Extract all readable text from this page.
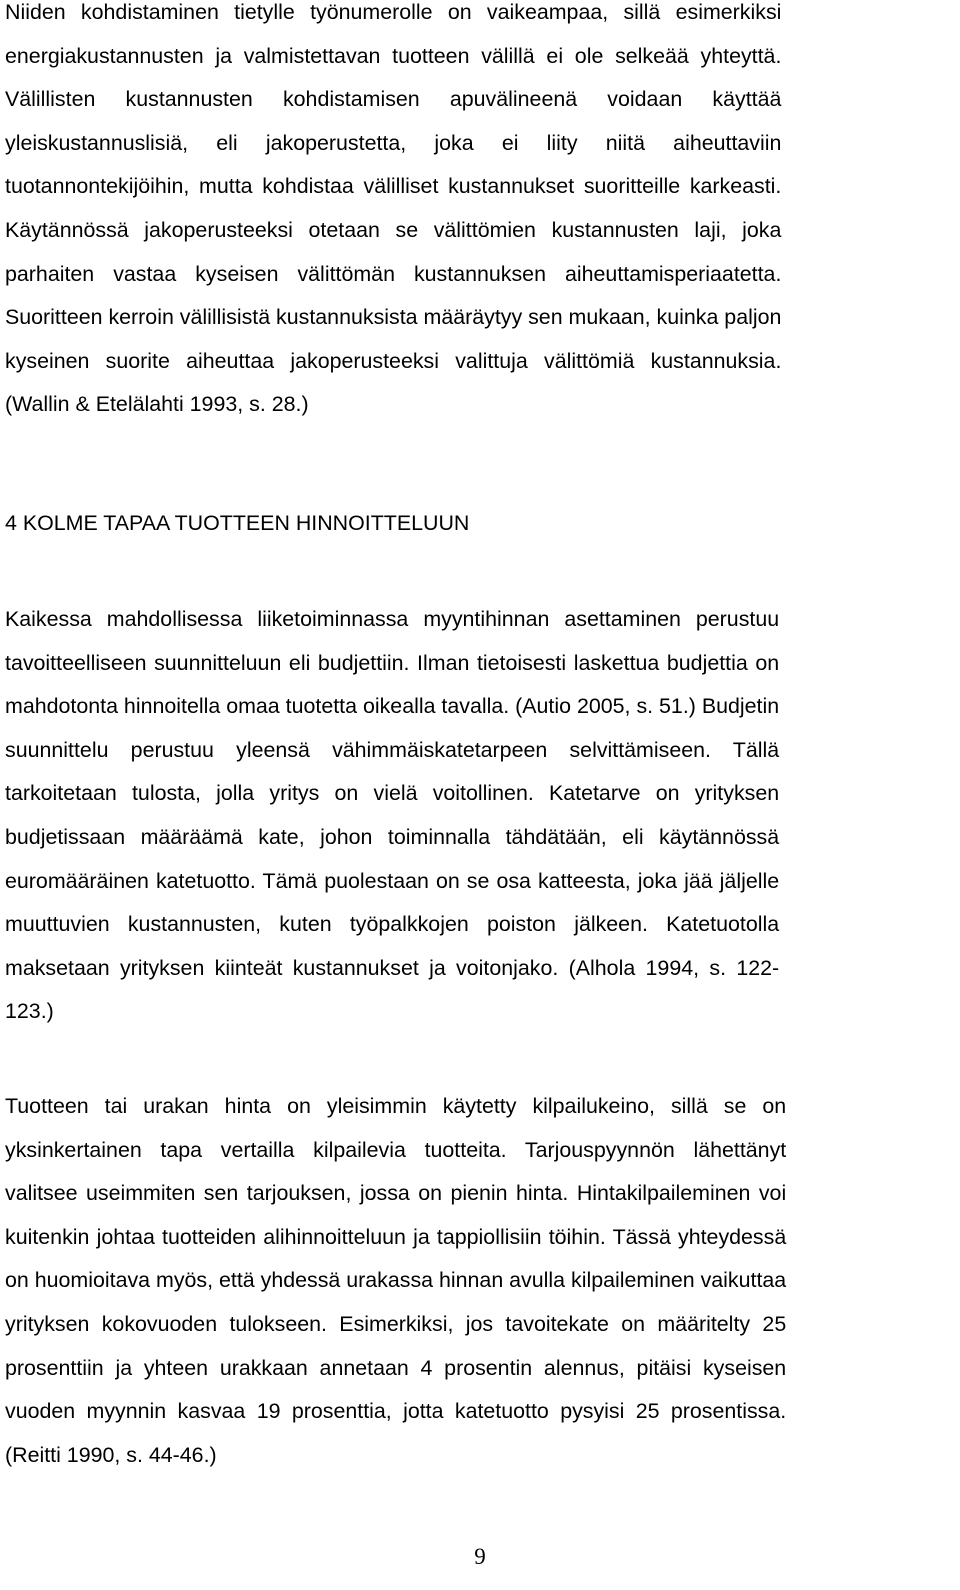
Niiden kohdistaminen tietylle työnumerolle on vaikeampaa, sillä esimerkiksi
energiakustannusten ja valmistettavan tuotteen välillä ei ole selkeää yhteyttä.
Välillisten kustannusten kohdistamisen apuvälineenä voidaan käyttää
yleiskustannuslisiä, eli jakoperustetta, joka ei liity niitä aiheuttaviin
tuotannontekijöihin, mutta kohdistaa välilliset kustannukset suoritteille karkeasti.
Käytännössä jakoperusteeksi otetaan se välittömien kustannusten laji, joka
parhaiten vastaa kyseisen välittömän kustannuksen aiheuttamisperiaatetta.
Suoritteen kerroin välillisistä kustannuksista määräytyy sen mukaan, kuinka paljon
kyseinen suorite aiheuttaa jakoperusteeksi valittuja välittömiä kustannuksia.
(Wallin & Etelälahti 1993, s. 28.)

4 KOLME TAPAA TUOTTEEN HINNOITTELUUN

Kaikessa mahdollisessa liiketoiminnassa myyntihinnan asettaminen perustuu
tavoitteelliseen suunnitteluun eli budjettiin. Ilman tietoisesti laskettua budjettia on
mahdotonta hinnoitella omaa tuotetta oikealla tavalla. (Autio 2005, s. 51.) Budjetin
suunnittelu perustuu yleensä vähimmäiskatetarpeen selvittämiseen. Tällä
tarkoitetaan tulosta, jolla yritys on vielä voitollinen. Katetarve on yrityksen
budjetissaan määräämä kate, johon toiminnalla tähdätään, eli käytännössä
euromääräinen katetuotto. Tämä puolestaan on se osa katteesta, joka jää jäljelle
muuttuvien kustannusten, kuten työpalkkojen poiston jälkeen. Katetuotolla
maksetaan yrityksen kiinteät kustannukset ja voitonjako. (Alhola 1994, s. 122-
123.)

Tuotteen tai urakan hinta on yleisimmin käytetty kilpailukeino, sillä se on
yksinkertainen tapa vertailla kilpailevia tuotteita. Tarjouspyynnön lähettänyt
valitsee useimmiten sen tarjouksen, jossa on pienin hinta. Hintakilpaileminen voi
kuitenkin johtaa tuotteiden alihinnoitteluun ja tappiollisiin töihin. Tässä yhteydessä
on huomioitava myös, että yhdessä urakassa hinnan avulla kilpaileminen vaikuttaa
yrityksen kokovuoden tulokseen. Esimerkiksi, jos tavoitekate on määritelty 25
prosenttiin ja yhteen urakkaan annetaan 4 prosentin alennus, pitäisi kyseisen
vuoden myynnin kasvaa 19 prosenttia, jotta katetuotto pysyisi 25 prosentissa.
(Reitti 1990, s. 44-46.)

9
